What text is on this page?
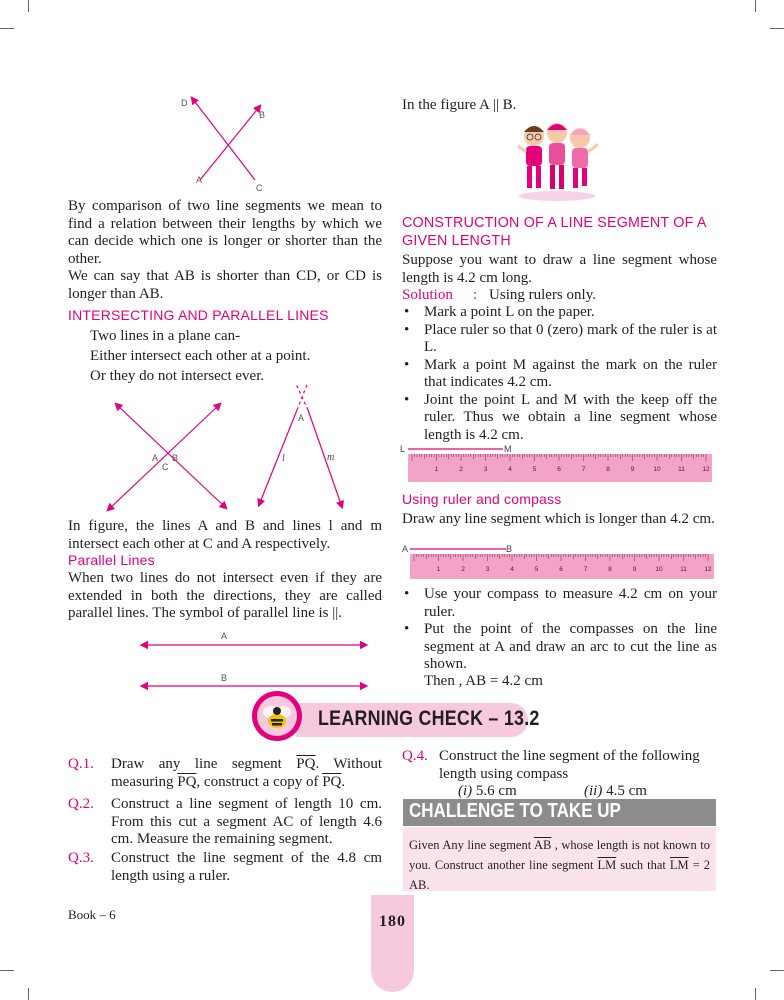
D
B
A
C
By comparison of two line segments we mean to find a relation between their lengths by which we can decide which one is longer or shorter than the other.
We can say that AB is shorter than CD, or CD is longer than AB.
INTERSECTING AND PARALLEL LINES
Two lines in a plane can-
Either intersect each other at a point.
Or they do not intersect ever.
A B
C
A
l	m
In figure, the lines A and B and lines l and m intersect each other at C and A respectively.
Parallel Lines
When two lines do not intersect even if they are extended in both the directions, they are called parallel lines. The symbol of parallel line is ||.
A
B
In the figure A || B.
CONSTRUCTION OF A LINE SEGMENT OF A GIVEN LENGTH
Suppose you want to draw a line segment whose length is 4.2 cm long.
Solution : Using rulers only.
• Mark a point L on the paper.
• Place ruler so that 0 (zero) mark of the ruler is at L.
• Mark a point M against the mark on the ruler that indicates 4.2 cm.
• Joint the point L and M with the keep off the ruler. Thus we obtain a line segment whose length is 4.2 cm.
L	M
1	2	3	4	5	6	7	8	9	10	11	12
Using ruler and compass
Draw any line segment which is longer than 4.2 cm.
A	B
1	2	3	4	5	6	7	8	9	10	11	12
• Use your compass to measure 4.2 cm on your ruler.
• Put the point of the compasses on the line segment at A and draw an arc to cut the line as shown.
Then , AB = 4.2 cm
LEARNING CHECK – 13.2
Q.1. Draw any line segment $\overline{PQ}$. Without measuring $\overline{PQ}$, construct a copy of $\overline{PQ}$.
Q.2. Construct a line segment of length 10 cm. From this cut a segment AC of length 4.6 cm. Measure the remaining segment.
Q.3. Construct the line segment of the 4.8 cm length using a ruler.
Q.4. Construct the line segment of the following length using compass
(i) 5.6 cm	(ii) 4.5 cm
CHALLENGE TO TAKE UP
Given Any line segment $\overline{AB}$ , whose length is not known to you. Construct another line segment $\overline{LM}$ such that $\overline{LM} = 2$ AB.
Book – 6	180
